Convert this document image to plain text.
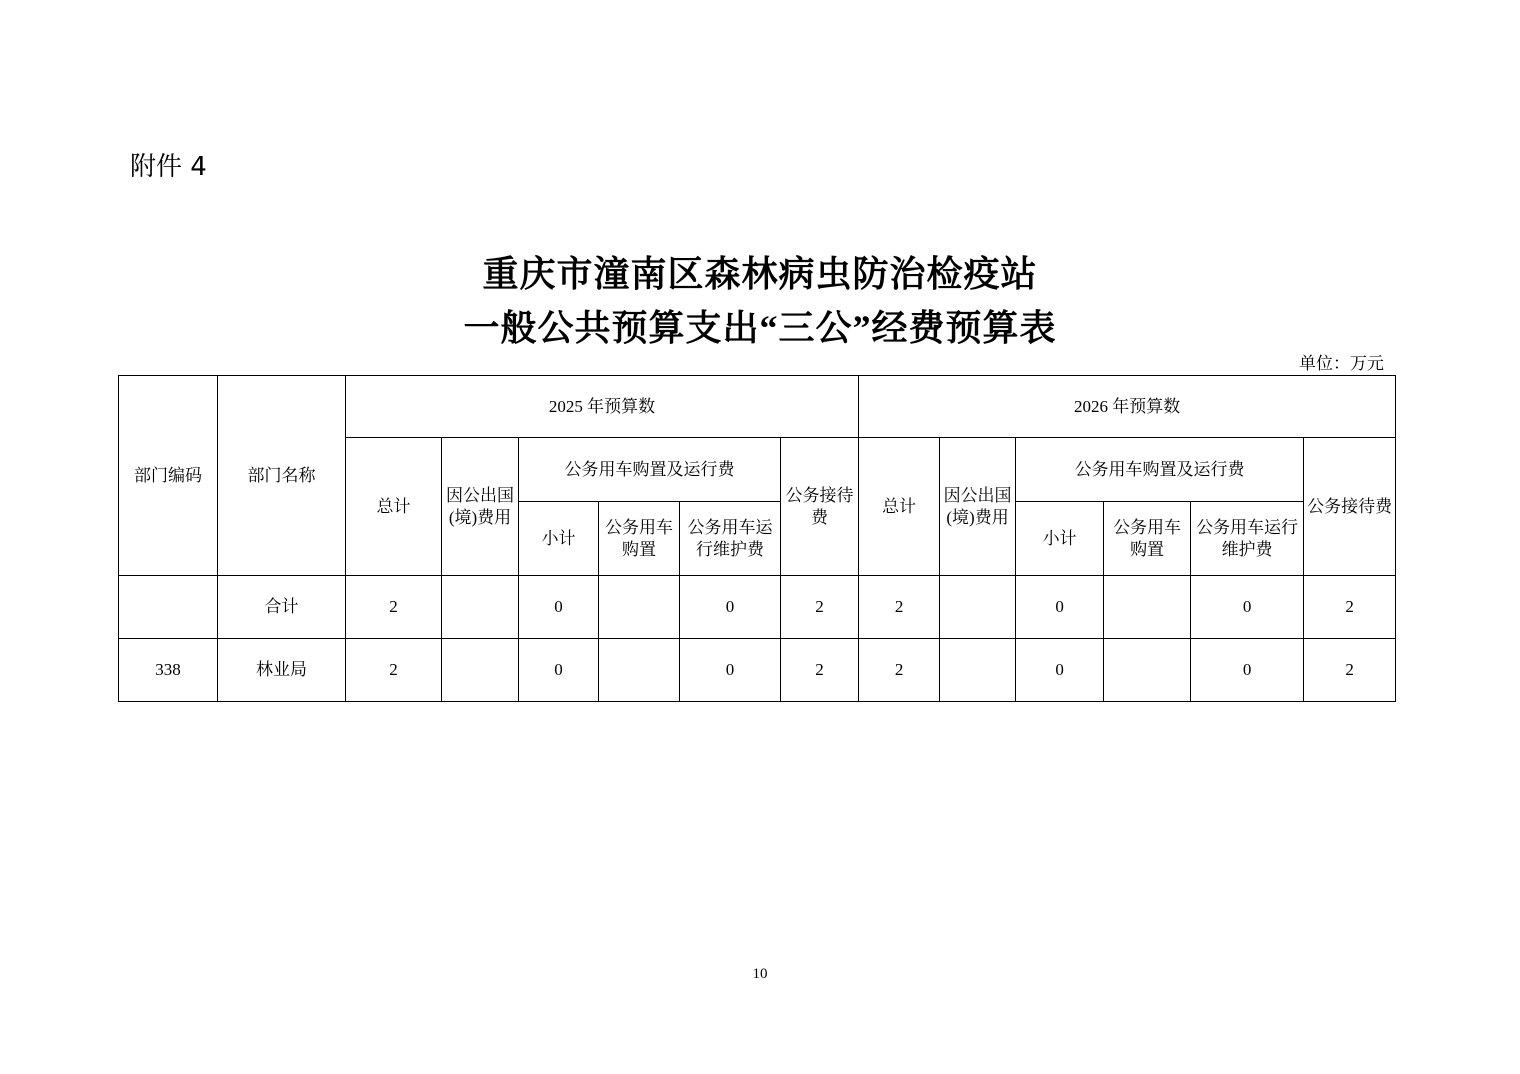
附件 4
重庆市潼南区森林病虫防治检疫站
一般公共预算支出“三公”经费预算表
单位：万元
部门编码	部门名称	2025 年预算数						2026 年预算数					
		总计	因公出国(境)费用	公务用车购置及运行费			公务接待费	总计	因公出国(境)费用	公务用车购置及运行费			公务接待费
				小计	公务用车购置	公务用车运行维护费				小计	公务用车购置	公务用车运行维护费	
	合计	2		0		0	2	2		0		0	2
338	林业局	2		0		0	2	2		0		0	2
10
